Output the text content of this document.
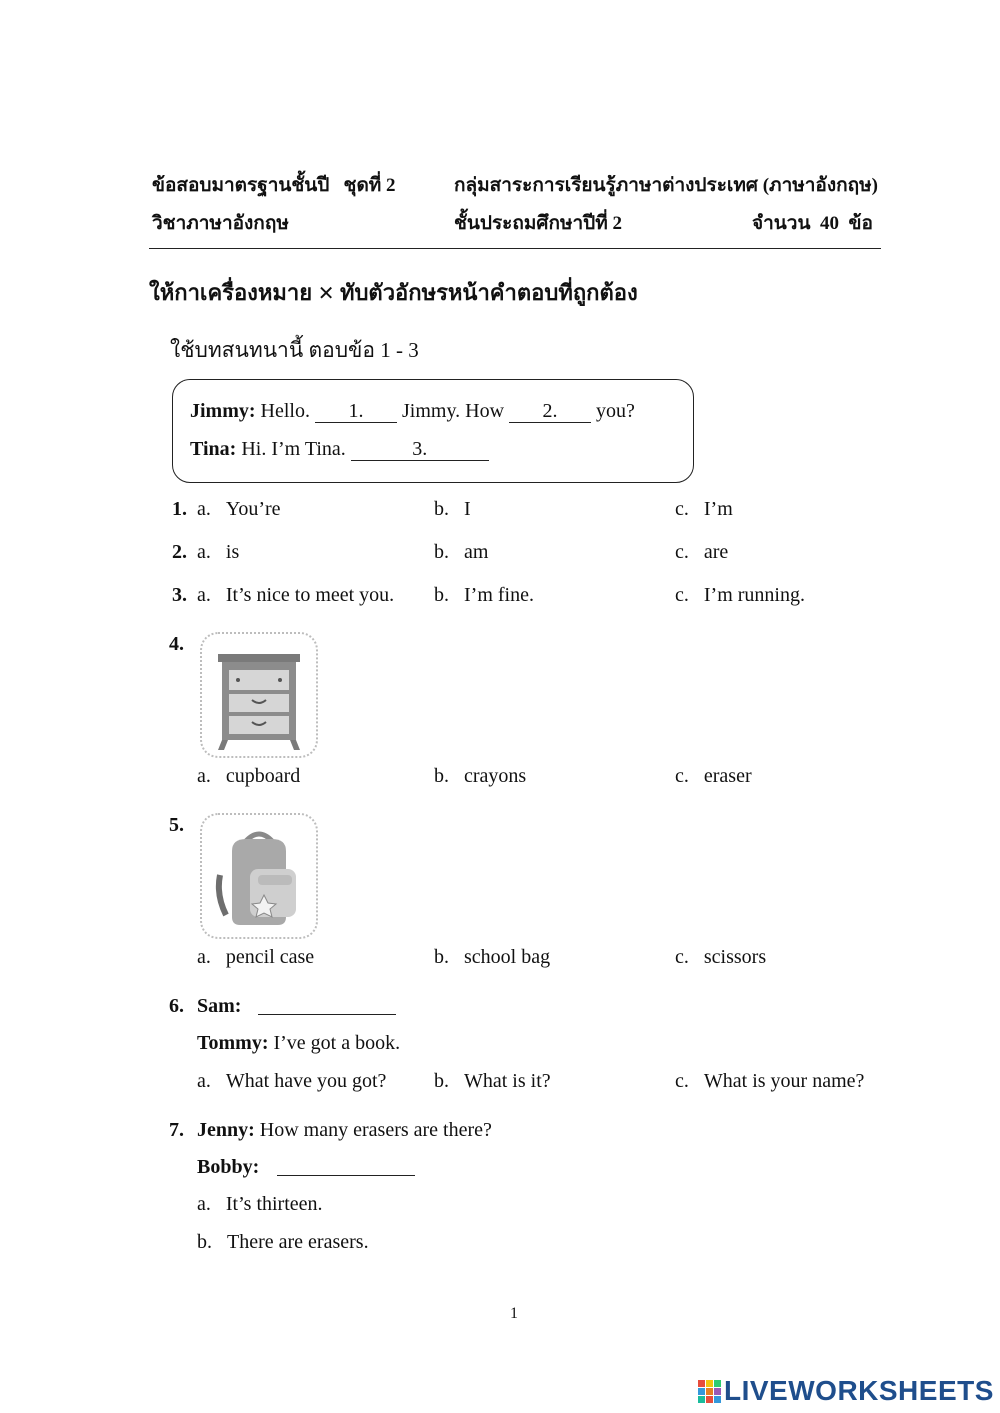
ข้อสอบมาตรฐานชั้นปี ชุดที่ 2	กลุ่มสาระการเรียนรู้ภาษาต่างประเทศ (ภาษาอังกฤษ)
วิชาภาษาอังกฤษ	ชั้นประถมศึกษาปีที่ 2	จำนวน 40 ข้อ
ให้กาเครื่องหมาย ✕ ทับตัวอักษรหน้าคำตอบที่ถูกต้อง
ใช้บทสนทนานี้ ตอบข้อ 1 - 3
Jimmy: Hello. 1. Jimmy. How 2. you?
Tina: Hi. I’m Tina.	3.
1. a. You’re	b. I	c. I’m
2. a. is	b. am	c. are
3. a. It’s nice to meet you. b. I’m fine.	c. I’m running.
4.
a. cupboard	b. crayons	c. eraser
5.
a. pencil case	b. school bag	c. scissors
6. Sam:
Tommy: I’ve got a book.
a. What have you got? b. What is it?	c. What is your name?
7. Jenny: How many erasers are there?
Bobby:
a. It’s thirteen.
b. There are erasers.
1
LIVEWORKSHEETS
